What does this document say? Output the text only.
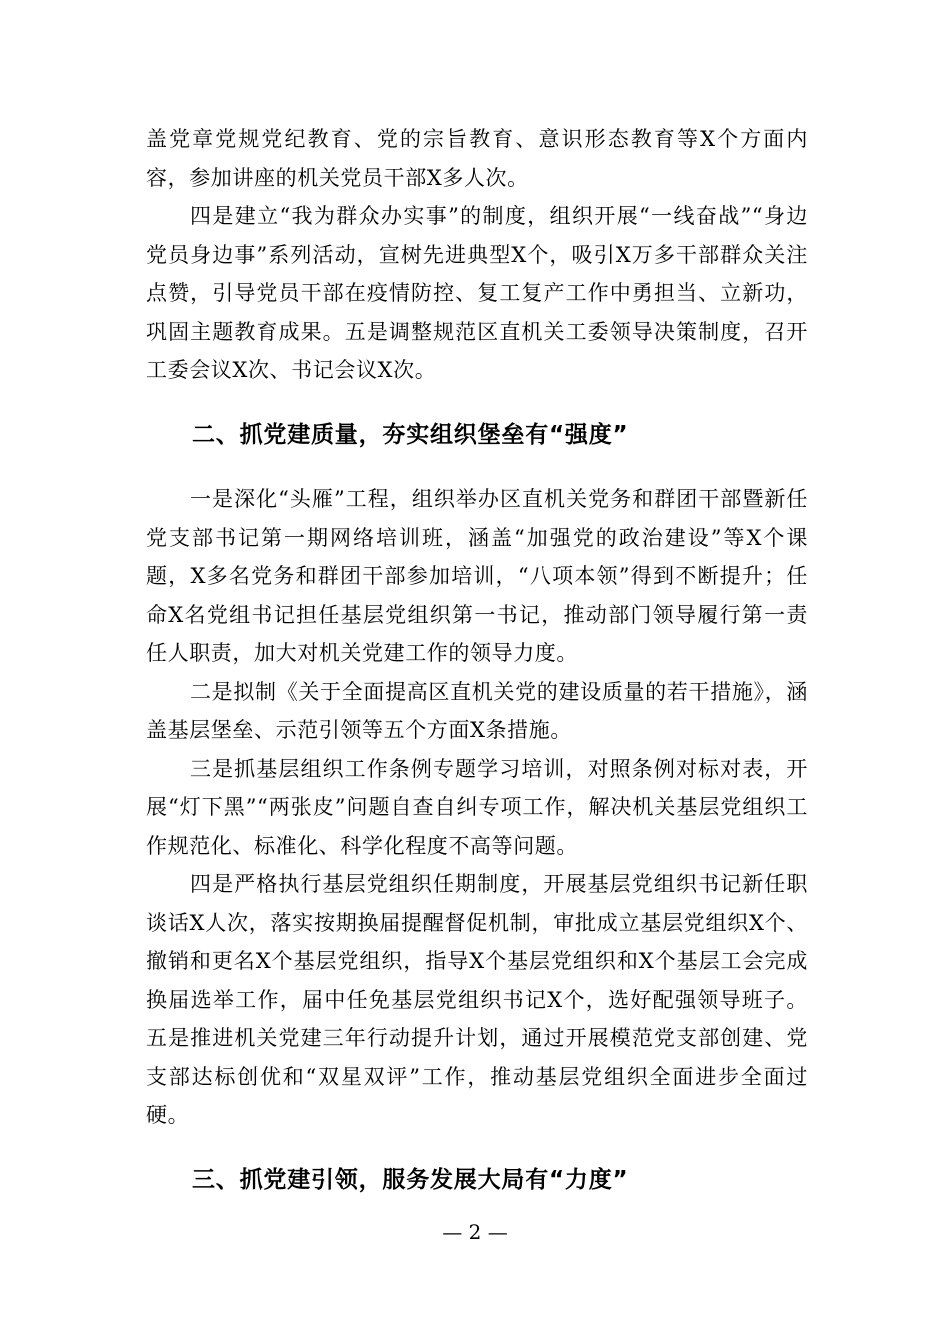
盖党章党规党纪教育、党的宗旨教育、意识形态教育等X个方面内容，参加讲座的机关党员干部X多人次。

四是建立“我为群众办实事”的制度，组织开展“一线奋战”“身边党员身边事”系列活动，宣树先进典型X个，吸引X万多干部群众关注点赞，引导党员干部在疫情防控、复工复产工作中勇担当、立新功，巩固主题教育成果。五是调整规范区直机关工委领导决策制度，召开工委会议X次、书记会议X次。

二、抓党建质量，夯实组织堡垒有“强度”

一是深化“头雁”工程，组织举办区直机关党务和群团干部暨新任党支部书记第一期网络培训班，涵盖“加强党的政治建设”等X个课题，X多名党务和群团干部参加培训，“八项本领”得到不断提升；任命X名党组书记担任基层党组织第一书记，推动部门领导履行第一责任人职责，加大对机关党建工作的领导力度。

二是拟制《关于全面提高区直机关党的建设质量的若干措施》，涵盖基层堡垒、示范引领等五个方面X条措施。

三是抓基层组织工作条例专题学习培训，对照条例对标对表，开展“灯下黑”“两张皮”问题自查自纠专项工作，解决机关基层党组织工作规范化、标准化、科学化程度不高等问题。

四是严格执行基层党组织任期制度，开展基层党组织书记新任职谈话X人次，落实按期换届提醒督促机制，审批成立基层党组织X个、撤销和更名X个基层党组织，指导X个基层党组织和X个基层工会完成换届选举工作，届中任免基层党组织书记X个，选好配强领导班子。五是推进机关党建三年行动提升计划，通过开展模范党支部创建、党支部达标创优和“双星双评”工作，推动基层党组织全面进步全面过硬。

三、抓党建引领，服务发展大局有“力度”
— 2 —
